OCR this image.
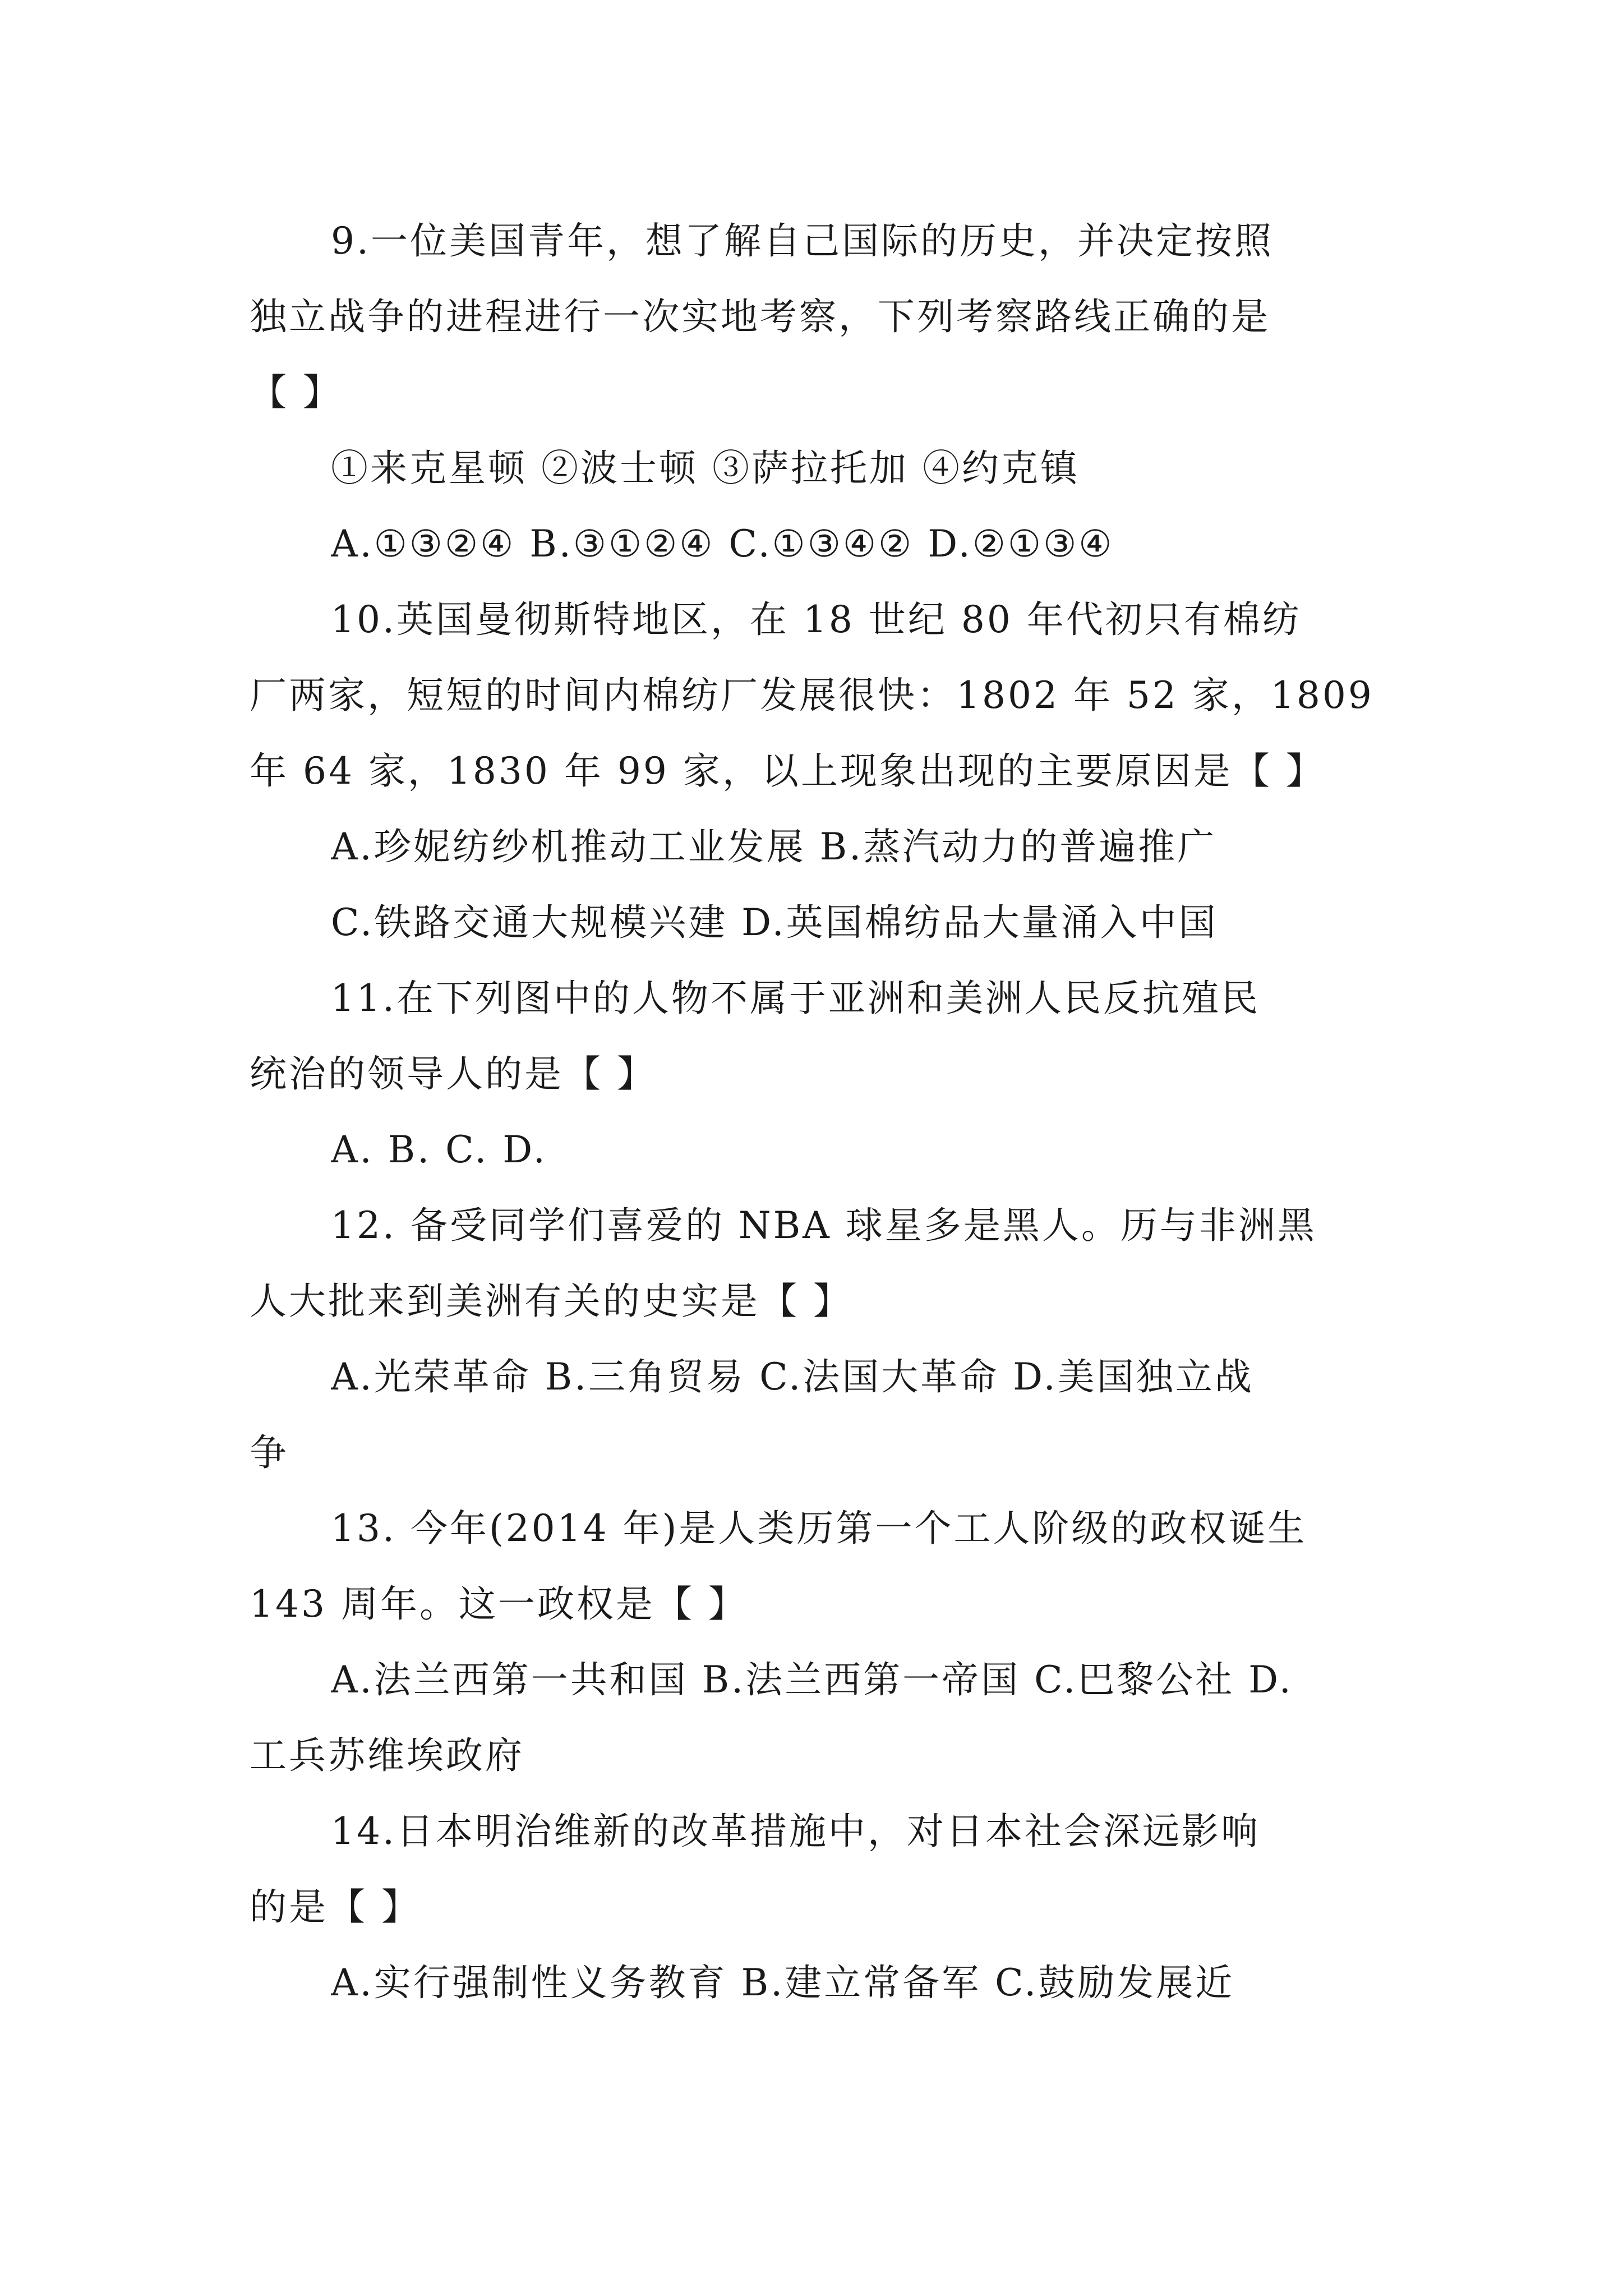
9.一位美国青年，想了解自己国际的历史，并决定按照
独立战争的进程进行一次实地考察，下列考察路线正确的是
【 】
①来克星顿 ②波士顿 ③萨拉托加 ④约克镇
A.①③②④ B.③①②④ C.①③④② D.②①③④
10.英国曼彻斯特地区，在 18 世纪 80 年代初只有棉纺
厂两家，短短的时间内棉纺厂发展很快：1802 年 52 家，1809
年 64 家，1830 年 99 家，以上现象出现的主要原因是【 】
A.珍妮纺纱机推动工业发展 B.蒸汽动力的普遍推广
C.铁路交通大规模兴建 D.英国棉纺品大量涌入中国
11.在下列图中的人物不属于亚洲和美洲人民反抗殖民
统治的领导人的是【 】
A. B. C. D.
12. 备受同学们喜爱的 NBA 球星多是黑人。历与非洲黑
人大批来到美洲有关的史实是【 】
A.光荣革命 B.三角贸易 C.法国大革命 D.美国独立战
争
13. 今年(2014 年)是人类历第一个工人阶级的政权诞生
143 周年。这一政权是【 】
A.法兰西第一共和国 B.法兰西第一帝国 C.巴黎公社 D.
工兵苏维埃政府
14.日本明治维新的改革措施中，对日本社会深远影响
的是【 】
A.实行强制性义务教育 B.建立常备军 C.鼓励发展近
